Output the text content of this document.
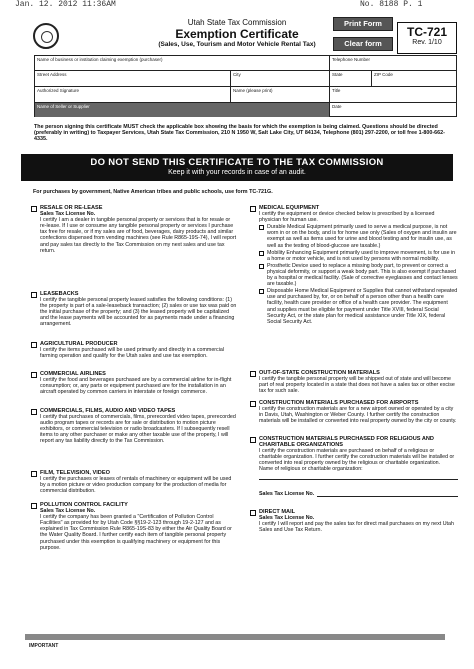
Jan. 12. 2012 11:36AM	No. 8188 P. 1
Utah State Tax Commission
Exemption Certificate
(Sales, Use, Tourism and Motor Vehicle Rental Tax)
Print Form
Clear form
TC-721
Rev. 1/10
Name of business or institution claiming exemption (purchaser)	Telephone Number
Street Address	City	State	ZIP Code
Authorized Signature	Name (please print)	Title
Name of Seller or Supplier	Date
The person signing this certificate MUST check the applicable box showing the basis for which the exemption is being claimed. Questions should be directed (preferably in writing) to Taxpayer Services, Utah State Tax Commission, 210 N 1950 W, Salt Lake City, UT 84134, Telephone (801) 297-2200, or toll free 1-800-662-4335.
DO NOT SEND THIS CERTIFICATE TO THE TAX COMMISSION
Keep it with your records in case of an audit.
For purchases by government, Native American tribes and public schools, use form TC-721G.
RESALE OR RE-LEASE
Sales Tax License No.
I certify I am a dealer in tangible personal property or services that is for resale or re-lease. If I use or consume any tangible personal property or services I purchase tax free for resale, or if my sales are of food, beverages, dairy products and similar confections dispensed from vending machines (see Rule R865-19S-74), I will report and pay sales tax directly to the Tax Commission on my next sales and use tax return.
LEASEBACKS
I certify the tangible personal property leased satisfies the following conditions: (1) the property is part of a sale-leaseback transaction; (2) sales or use tax was paid on the initial purchase of the property; and (3) the leased property will be capitalized and the lease payments will be accounted for as payments made under a financing arrangement.
AGRICULTURAL PRODUCER
I certify the items purchased will be used primarily and directly in a commercial farming operation and qualify for the Utah sales and use tax exemption.
COMMERCIAL AIRLINES
I certify the food and beverages purchased are by a commercial airline for in-flight consumption; or, any parts or equipment purchased are for the installation in an aircraft operated by common carriers in interstate or foreign commerce.
COMMERCIALS, FILMS, AUDIO AND VIDEO TAPES
I certify that purchases of commercials, films, prerecorded video tapes, prerecorded audio program tapes or records are for sale or distribution to motion picture exhibitors, or commercial television or radio broadcasters. If I subsequently resell items to any other purchaser or make any other taxable use of the property, I will report any tax liability directly to the Tax Commission.
FILM, TELEVISION, VIDEO
I certify the purchases or leases of rentals of machinery or equipment will be used by a motion picture or video production company for the production of media for commercial distribution.
POLLUTION CONTROL FACILITY
Sales Tax License No.
I certify the company has been granted a "Certification of Pollution Control Facilities" as provided for by Utah Code §§19-2-123 through 19-2-127 and as explained in Tax Commission Rule R865-19S-83 by either the Air Quality Board or the Water Quality Board. I further certify each item of tangible personal property purchased under this exemption is qualifying machinery or equipment for this purpose.
MEDICAL EQUIPMENT
I certify the equipment or device checked below is prescribed by a licensed physician for human use.
Durable Medical Equipment primarily used to serve a medical purpose, is not worn in or on the body, and is for home use only (Sales of oxygen and insulin are exempt as well as items used for urine and blood testing and for insulin use, as well as the testing of blood-glucose are taxable.)
Mobility Enhancing Equipment primarily used to improve movement, is for use in a home or motor vehicle, and is not used by persons with normal mobility.
Prosthetic Device used to replace a missing body part, to prevent or correct a physical deformity, or support a weak body part. This is also exempt if purchased by a hospital or medical facility. (Sale of corrective eyeglasses and contact lenses are taxable.)
Disposable Home Medical Equipment or Supplies that cannot withstand repeated use and purchased by, for, or on behalf of a person other than a health care facility, health care provider or office of a health care provider. The equipment and supplies must be eligible for payment under Title XVIII, federal Social Security Act, or the state plan for medical assistance under Title XIX, federal Social Security Act.
OUT-OF-STATE CONSTRUCTION MATERIALS
I certify the tangible personal property will be shipped out of state and will become part of real property located in a state that does not have a sales tax or other excise tax for such sale.
CONSTRUCTION MATERIALS PURCHASED FOR AIRPORTS
I certify the construction materials are for a new airport owned or operated by a city in Davis, Utah, Washington or Weber County. I further certify the construction materials will be installed or converted into real property owned by the city or county.
CONSTRUCTION MATERIALS PURCHASED FOR RELIGIOUS AND CHARITABLE ORGANIZATIONS
I certify the construction materials are purchased on behalf of a religious or charitable organization. I further certify the construction materials will be installed or converted into real property owned by the religious or charitable organization.
Name of religious or charitable organization:
Sales Tax License No.
DIRECT MAIL
Sales Tax License No.
I certify I will report and pay the sales tax for direct mail purchases on my next Utah Sales and Use Tax Return.
IMPORTANT
